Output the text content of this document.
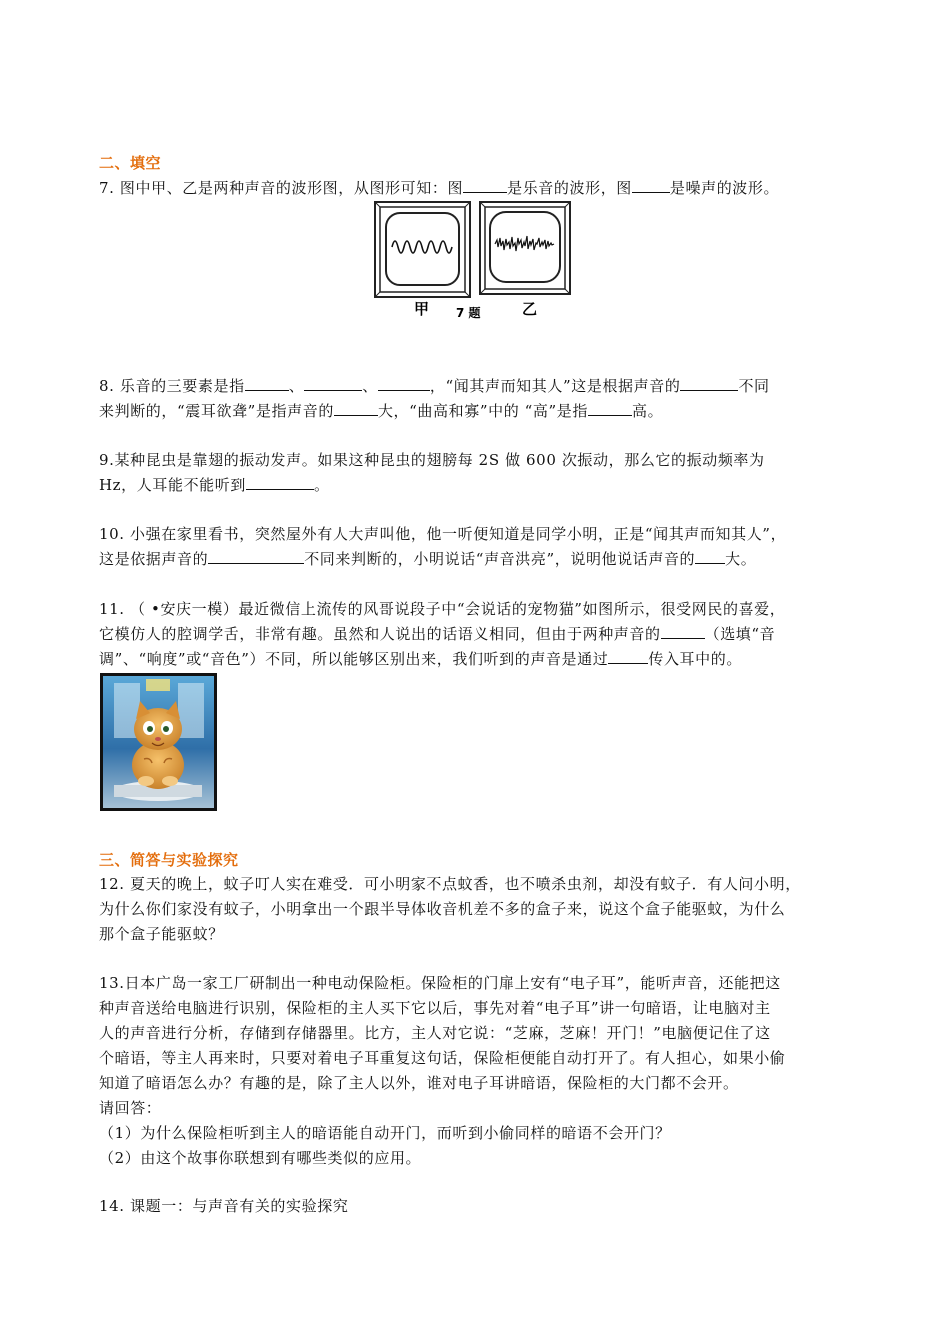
二、填空
7. 图中甲、乙是两种声音的波形图，从图形可知：图	是乐音的波形，图	是噪声的波形。
甲 7 题	乙
8. 乐音的三要素是指	、	、	，“闻其声而知其人”这是根据声音的	不同
来判断的，“震耳欲聋”是指声音的	大，“曲高和寡”中的 “高”是指	高。
9.某种昆虫是靠翅的振动发声。如果这种昆虫的翅膀每 2S 做 600 次振动，那么它的振动频率为
Hz，人耳能不能听到	。
10. 小强在家里看书，突然屋外有人大声叫他，他一听便知道是同学小明，正是“闻其声而知其人”，
这是依据声音的	不同来判断的，小明说话“声音洪亮”，说明他说话声音的 大。
11. （ •安庆一模）最近微信上流传的风哥说段子中“会说话的宠物猫”如图所示，很受网民的喜爱，
它模仿人的腔调学舌，非常有趣。虽然和人说出的话语义相同，但由于两种声音的	（选填“音
调”、“响度”或“音色”）不同，所以能够区别出来，我们听到的声音是通过	传入耳中的。
三、简答与实验探究
12. 夏天的晚上，蚊子叮人实在难受．可小明家不点蚊香，也不喷杀虫剂，却没有蚊子．有人问小明，
为什么你们家没有蚊子，小明拿出一个跟半导体收音机差不多的盒子来，说这个盒子能驱蚊，为什么
那个盒子能驱蚊？
13.日本广岛一家工厂研制出一种电动保险柜。保险柜的门扉上安有“电子耳”，能听声音，还能把这
种声音送给电脑进行识别，保险柜的主人买下它以后，事先对着“电子耳”讲一句暗语，让电脑对主
人的声音进行分析，存储到存储器里。比方，主人对它说：“芝麻，芝麻！开门！”电脑便记住了这
个暗语，等主人再来时，只要对着电子耳重复这句话，保险柜便能自动打开了。有人担心，如果小偷
知道了暗语怎么办？有趣的是，除了主人以外，谁对电子耳讲暗语，保险柜的大门都不会开。
请回答：
（1）为什么保险柜听到主人的暗语能自动开门，而听到小偷同样的暗语不会开门？
（2）由这个故事你联想到有哪些类似的应用。
14. 课题一：与声音有关的实验探究
